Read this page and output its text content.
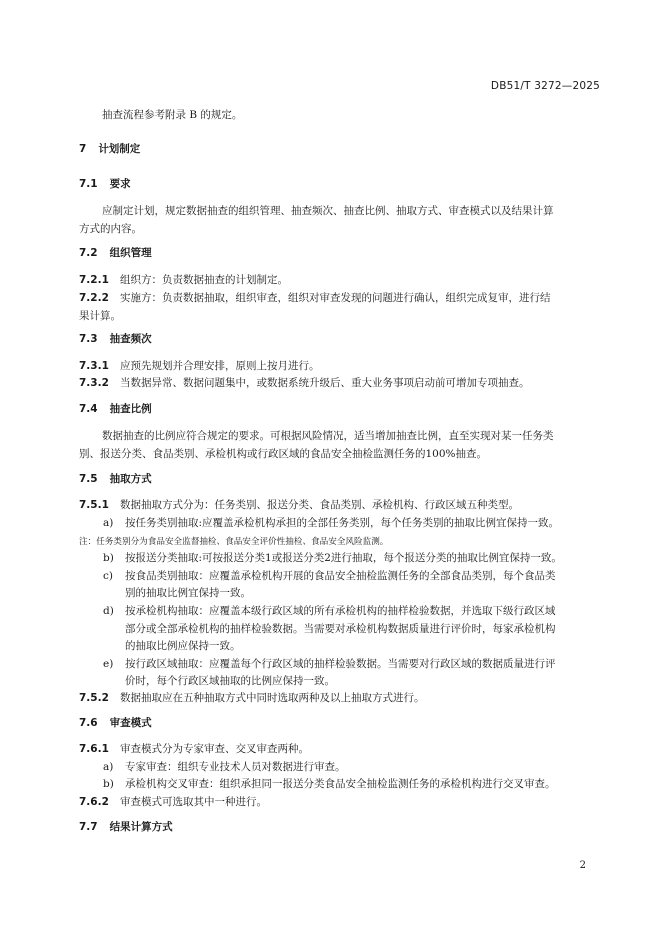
DB51/T 3272—2025
抽查流程参考附录 B 的规定。
7 计划制定
7.1 要求
应制定计划，规定数据抽查的组织管理、抽查频次、抽查比例、抽取方式、审查模式以及结果计算
方式的内容。
7.2 组织管理
7.2.1 组织方：负责数据抽查的计划制定。
7.2.2 实施方：负责数据抽取，组织审查，组织对审查发现的问题进行确认，组织完成复审，进行结
果计算。
7.3 抽查频次
7.3.1 应预先规划并合理安排，原则上按月进行。
7.3.2 当数据异常、数据问题集中，或数据系统升级后、重大业务事项启动前可增加专项抽查。
7.4 抽查比例
数据抽查的比例应符合规定的要求。可根据风险情况，适当增加抽查比例，直至实现对某一任务类
别、报送分类、食品类别、承检机构或行政区域的食品安全抽检监测任务的100%抽查。
7.5 抽取方式
7.5.1 数据抽取方式分为：任务类别、报送分类、食品类别、承检机构、行政区域五种类型。
a) 按任务类别抽取:应覆盖承检机构承担的全部任务类别，每个任务类别的抽取比例宜保持一致。
注：任务类别分为食品安全监督抽检、食品安全评价性抽检、食品安全风险监测。
b) 按报送分类抽取:可按报送分类1或报送分类2进行抽取，每个报送分类的抽取比例宜保持一致。
c) 按食品类别抽取：应覆盖承检机构开展的食品安全抽检监测任务的全部食品类别，每个食品类
别的抽取比例宜保持一致。
d) 按承检机构抽取：应覆盖本级行政区域的所有承检机构的抽样检验数据，并选取下级行政区域
部分或全部承检机构的抽样检验数据。当需要对承检机构数据质量进行评价时，每家承检机构
的抽取比例应保持一致。
e) 按行政区域抽取：应覆盖每个行政区域的抽样检验数据。当需要对行政区域的数据质量进行评
价时，每个行政区域抽取的比例应保持一致。
7.5.2 数据抽取应在五种抽取方式中同时选取两种及以上抽取方式进行。
7.6 审查模式
7.6.1 审查模式分为专家审查、交叉审查两种。
a) 专家审查：组织专业技术人员对数据进行审查。
b) 承检机构交叉审查：组织承担同一报送分类食品安全抽检监测任务的承检机构进行交叉审查。
7.6.2 审查模式可选取其中一种进行。
7.7 结果计算方式
2
